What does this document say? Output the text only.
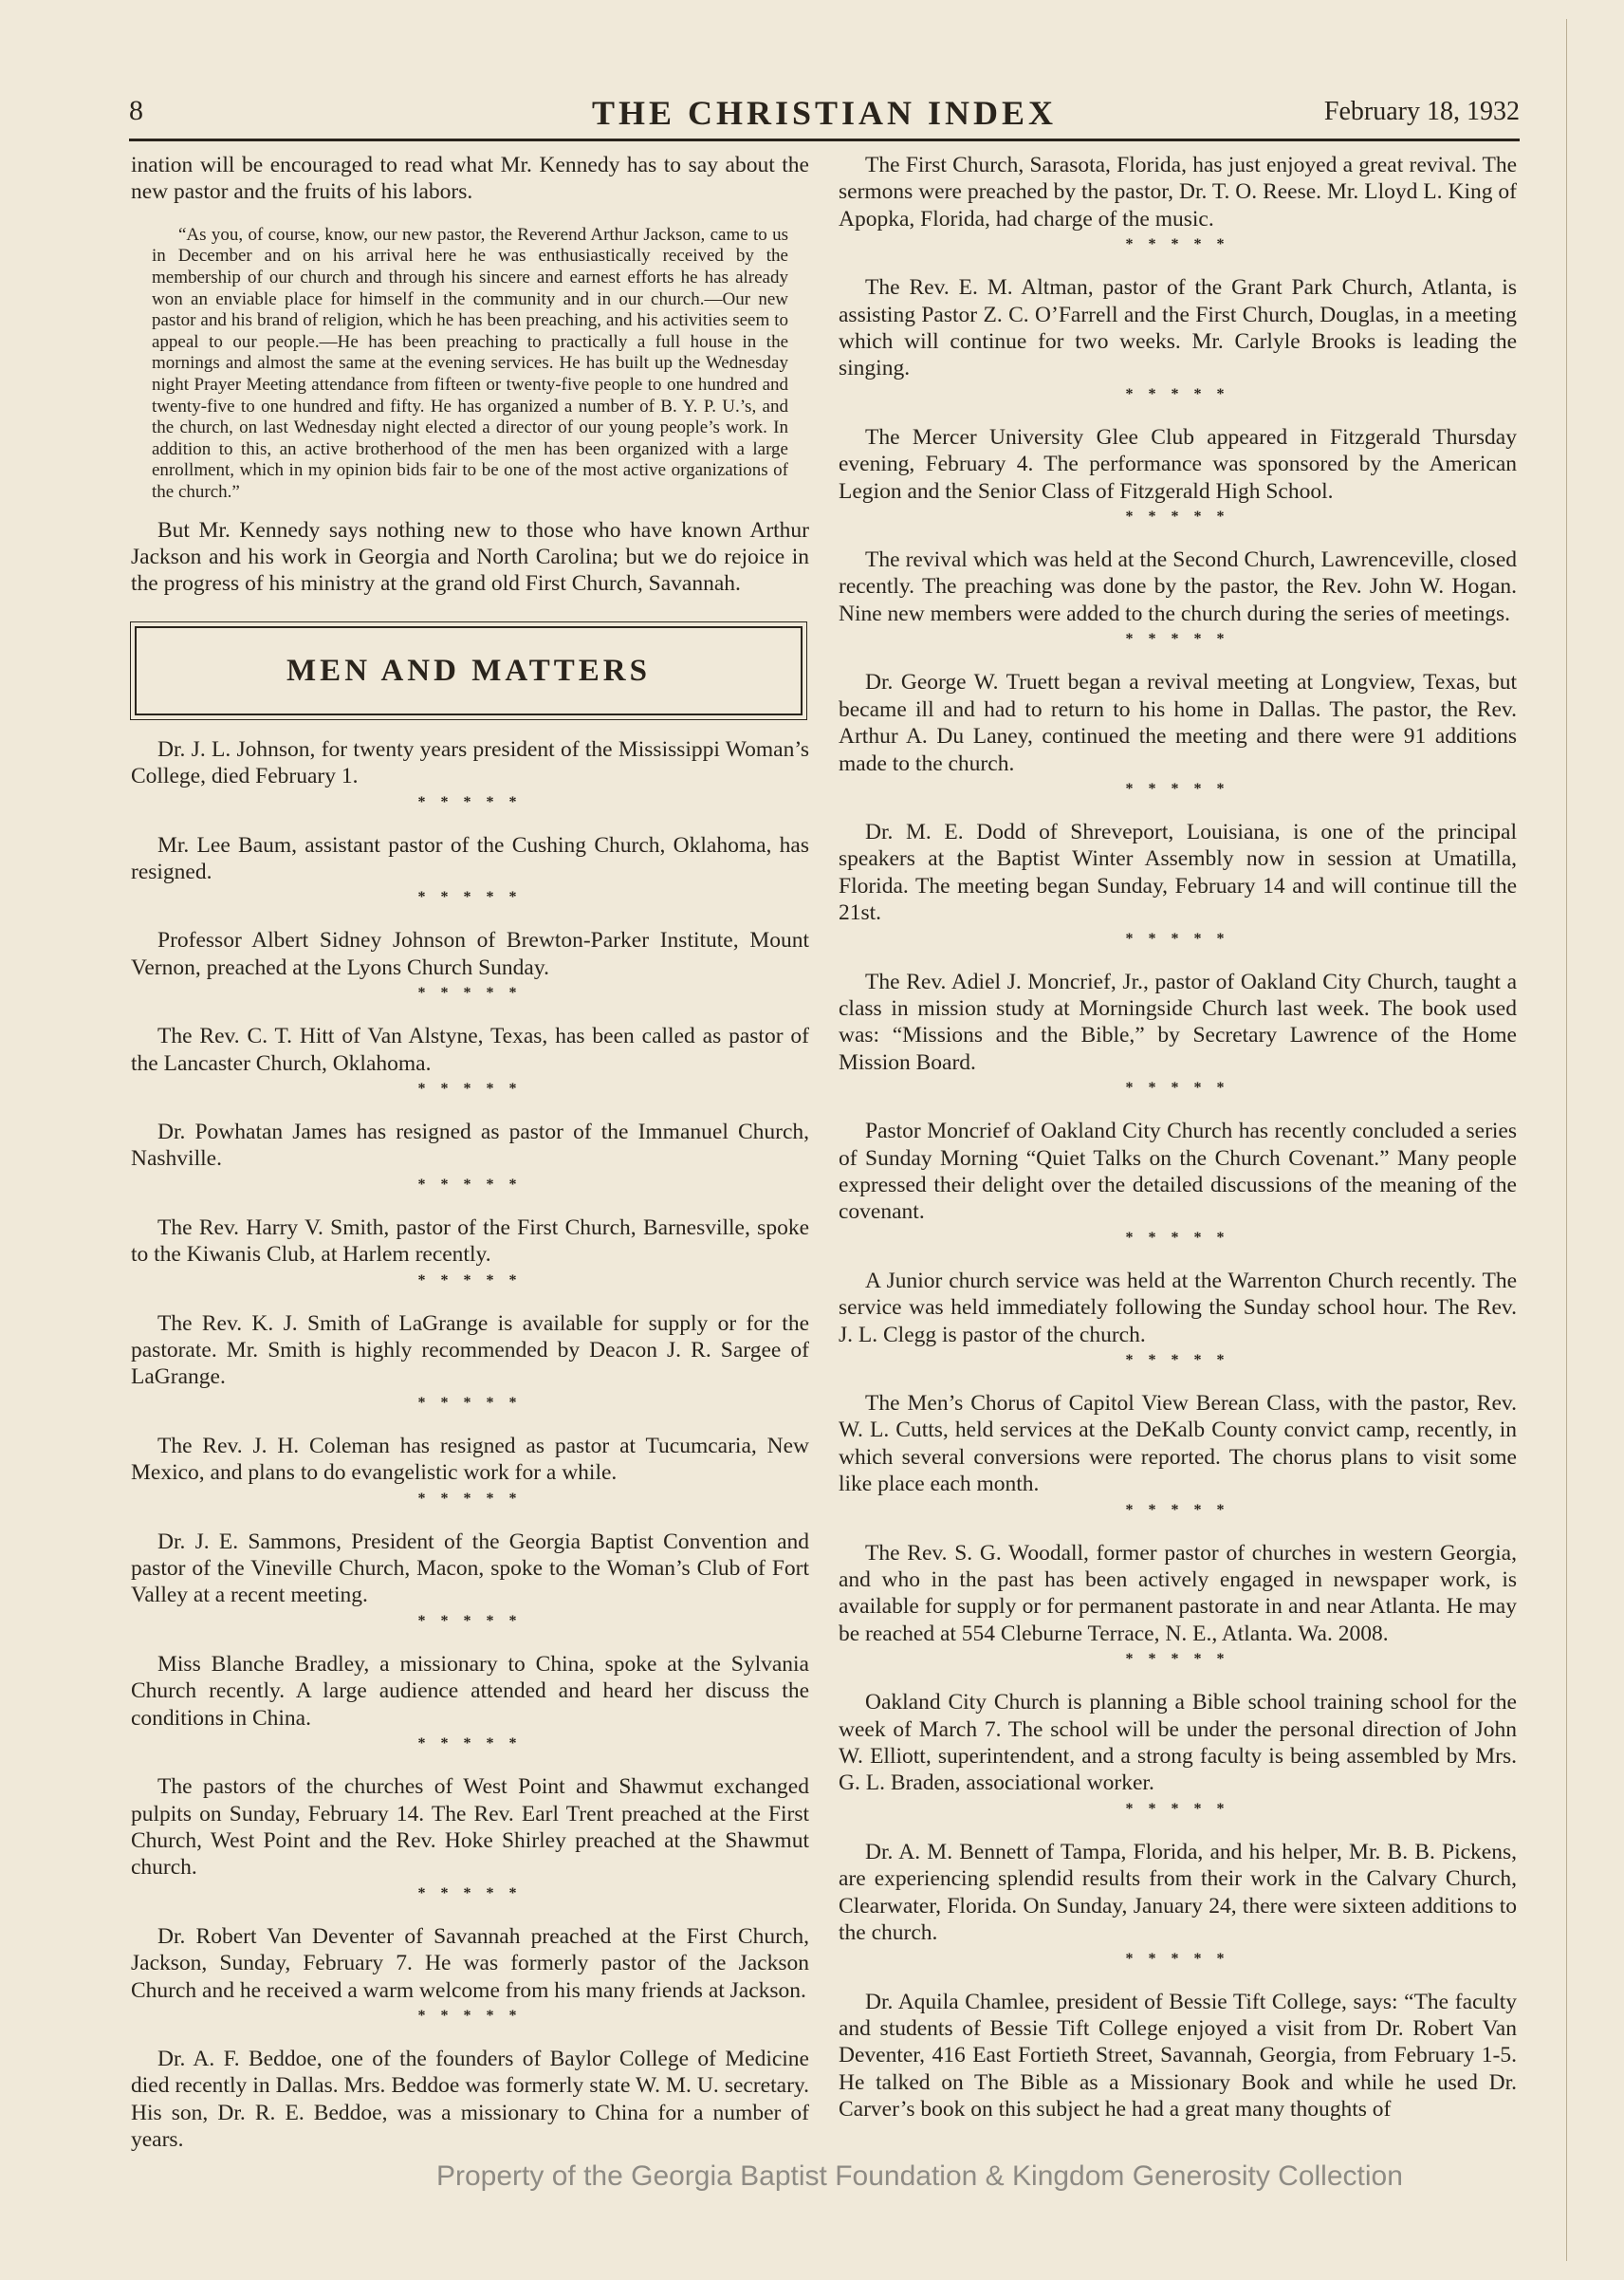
8	THE CHRISTIAN INDEX	February 18, 1932

ination will be encouraged to read what Mr. Kennedy has to say about the new pastor and the fruits of his labors.

“As you, of course, know, our new pastor, the Reverend Arthur Jackson, came to us in December and on his arrival here he was enthusiastically received by the membership of our church and through his sincere and earnest efforts he has already won an enviable place for himself in the community and in our church.—Our new pastor and his brand of religion, which he has been preaching, and his activities seem to appeal to our people.—He has been preaching to practically a full house in the mornings and almost the same at the evening services. He has built up the Wednesday night Prayer Meeting attendance from fifteen or twenty-five people to one hundred and twenty-five to one hundred and fifty. He has organized a number of B. Y. P. U.’s, and the church, on last Wednesday night elected a director of our young people’s work. In addition to this, an active brotherhood of the men has been organized with a large enrollment, which in my opinion bids fair to be one of the most active organizations of the church.”

But Mr. Kennedy says nothing new to those who have known Arthur Jackson and his work in Georgia and North Carolina; but we do rejoice in the progress of his ministry at the grand old First Church, Savannah.

MEN AND MATTERS

Dr. J. L. Johnson, for twenty years president of the Mississippi Woman’s College, died February 1.

* * * * *

Mr. Lee Baum, assistant pastor of the Cushing Church, Oklahoma, has resigned.

* * * * *

Professor Albert Sidney Johnson of Brewton-Parker Institute, Mount Vernon, preached at the Lyons Church Sunday.

* * * * *

The Rev. C. T. Hitt of Van Alstyne, Texas, has been called as pastor of the Lancaster Church, Oklahoma.

* * * * *

Dr. Powhatan James has resigned as pastor of the Immanuel Church, Nashville.

* * * * *

The Rev. Harry V. Smith, pastor of the First Church, Barnesville, spoke to the Kiwanis Club, at Harlem recently.

* * * * *

The Rev. K. J. Smith of LaGrange is available for supply or for the pastorate. Mr. Smith is highly recommended by Deacon J. R. Sargee of LaGrange.

* * * * *

The Rev. J. H. Coleman has resigned as pastor at Tucumcaria, New Mexico, and plans to do evangelistic work for a while.

* * * * *

Dr. J. E. Sammons, President of the Georgia Baptist Convention and pastor of the Vineville Church, Macon, spoke to the Woman’s Club of Fort Valley at a recent meeting.

* * * * *

Miss Blanche Bradley, a missionary to China, spoke at the Sylvania Church recently. A large audience attended and heard her discuss the conditions in China.

* * * * *

The pastors of the churches of West Point and Shawmut exchanged pulpits on Sunday, February 14. The Rev. Earl Trent preached at the First Church, West Point and the Rev. Hoke Shirley preached at the Shawmut church.

* * * * *

Dr. Robert Van Deventer of Savannah preached at the First Church, Jackson, Sunday, February 7. He was formerly pastor of the Jackson Church and he received a warm welcome from his many friends at Jackson.

* * * * *

Dr. A. F. Beddoe, one of the founders of Baylor College of Medicine died recently in Dallas. Mrs. Beddoe was formerly state W. M. U. secretary. His son, Dr. R. E. Beddoe, was a missionary to China for a number of years.

The First Church, Sarasota, Florida, has just enjoyed a great revival. The sermons were preached by the pastor, Dr. T. O. Reese. Mr. Lloyd L. King of Apopka, Florida, had charge of the music.

* * * * *

The Rev. E. M. Altman, pastor of the Grant Park Church, Atlanta, is assisting Pastor Z. C. O’Farrell and the First Church, Douglas, in a meeting which will continue for two weeks. Mr. Carlyle Brooks is leading the singing.

* * * * *

The Mercer University Glee Club appeared in Fitzgerald Thursday evening, February 4. The performance was sponsored by the American Legion and the Senior Class of Fitzgerald High School.

* * * * *

The revival which was held at the Second Church, Lawrenceville, closed recently. The preaching was done by the pastor, the Rev. John W. Hogan. Nine new members were added to the church during the series of meetings.

* * * * *

Dr. George W. Truett began a revival meeting at Longview, Texas, but became ill and had to return to his home in Dallas. The pastor, the Rev. Arthur A. Du Laney, continued the meeting and there were 91 additions made to the church.

* * * * *

Dr. M. E. Dodd of Shreveport, Louisiana, is one of the principal speakers at the Baptist Winter Assembly now in session at Umatilla, Florida. The meeting began Sunday, February 14 and will continue till the 21st.

* * * * *

The Rev. Adiel J. Moncrief, Jr., pastor of Oakland City Church, taught a class in mission study at Morningside Church last week. The book used was: “Missions and the Bible,” by Secretary Lawrence of the Home Mission Board.

* * * * *

Pastor Moncrief of Oakland City Church has recently concluded a series of Sunday Morning “Quiet Talks on the Church Covenant.” Many people expressed their delight over the detailed discussions of the meaning of the covenant.

* * * * *

A Junior church service was held at the Warrenton Church recently. The service was held immediately following the Sunday school hour. The Rev. J. L. Clegg is pastor of the church.

* * * * *

The Men’s Chorus of Capitol View Berean Class, with the pastor, Rev. W. L. Cutts, held services at the DeKalb County convict camp, recently, in which several conversions were reported. The chorus plans to visit some like place each month.

* * * * *

The Rev. S. G. Woodall, former pastor of churches in western Georgia, and who in the past has been actively engaged in newspaper work, is available for supply or for permanent pastorate in and near Atlanta. He may be reached at 554 Cleburne Terrace, N. E., Atlanta. Wa. 2008.

* * * * *

Oakland City Church is planning a Bible school training school for the week of March 7. The school will be under the personal direction of John W. Elliott, superintendent, and a strong faculty is being assembled by Mrs. G. L. Braden, associational worker.

* * * * *

Dr. A. M. Bennett of Tampa, Florida, and his helper, Mr. B. B. Pickens, are experiencing splendid results from their work in the Calvary Church, Clearwater, Florida. On Sunday, January 24, there were sixteen additions to the church.

* * * * *

Dr. Aquila Chamlee, president of Bessie Tift College, says: “The faculty and students of Bessie Tift College enjoyed a visit from Dr. Robert Van Deventer, 416 East Fortieth Street, Savannah, Georgia, from February 1-5. He talked on The Bible as a Missionary Book and while he used Dr. Carver’s book on this subject he had a great many thoughts of

Property of the Georgia Baptist Foundation & Kingdom Generosity Collection
